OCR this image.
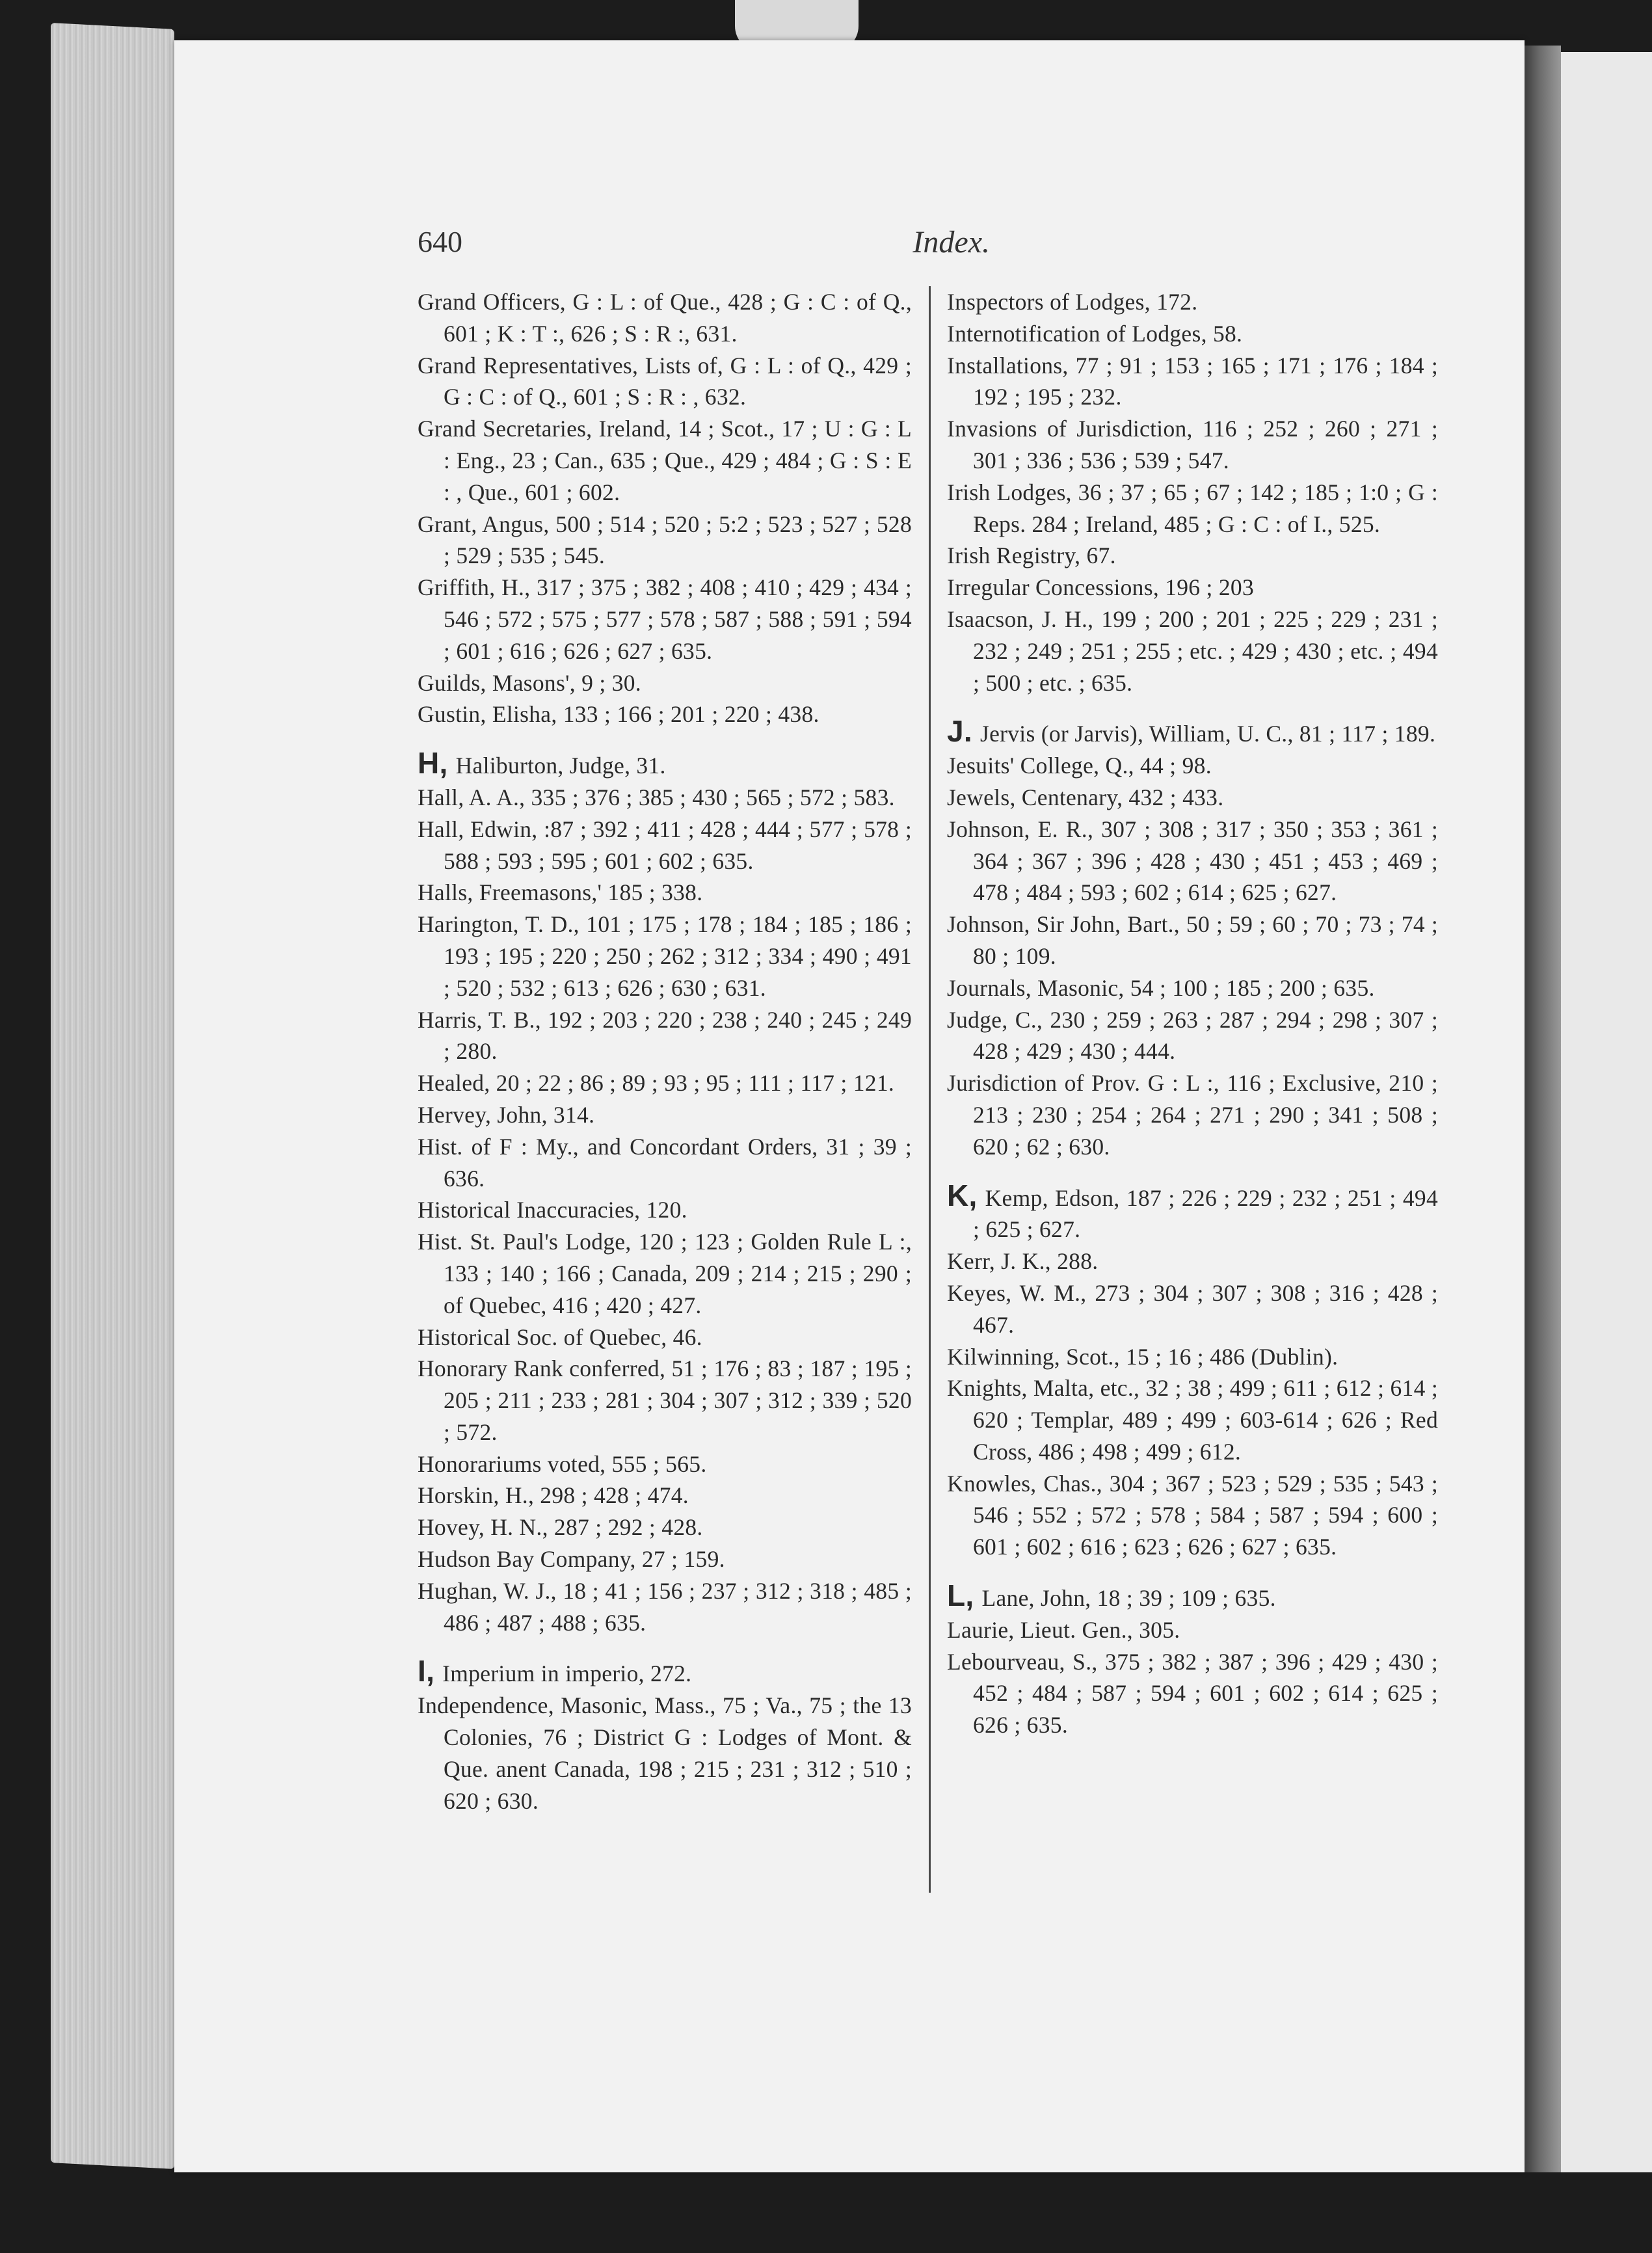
640	Index.
Grand Officers, G : L : of Que., 428 ; G : C : of Q., 601 ; K : T :, 626 ; S : R :, 631.
Grand Representatives, Lists of, G : L : of Q., 429 ; G : C : of Q., 601 ; S : R : , 632.
Grand Secretaries, Ireland, 14 ; Scot., 17 ; U : G : L : Eng., 23 ; Can., 635 ; Que., 429 ; 484 ; G : S : E : , Que., 601 ; 602.
Grant, Angus, 500 ; 514 ; 520 ; 5:2 ; 523 ; 527 ; 528 ; 529 ; 535 ; 545.
Griffith, H., 317 ; 375 ; 382 ; 408 ; 410 ; 429 ; 434 ; 546 ; 572 ; 575 ; 577 ; 578 ; 587 ; 588 ; 591 ; 594 ; 601 ; 616 ; 626 ; 627 ; 635.
Guilds, Masons', 9 ; 30.
Gustin, Elisha, 133 ; 166 ; 201 ; 220 ; 438.
H, Haliburton, Judge, 31.
Hall, A. A., 335 ; 376 ; 385 ; 430 ; 565 ; 572 ; 583.
Hall, Edwin, :87 ; 392 ; 411 ; 428 ; 444 ; 577 ; 578 ; 588 ; 593 ; 595 ; 601 ; 602 ; 635.
Halls, Freemasons,' 185 ; 338.
Harington, T. D., 101 ; 175 ; 178 ; 184 ; 185 ; 186 ; 193 ; 195 ; 220 ; 250 ; 262 ; 312 ; 334 ; 490 ; 491 ; 520 ; 532 ; 613 ; 626 ; 630 ; 631.
Harris, T. B., 192 ; 203 ; 220 ; 238 ; 240 ; 245 ; 249 ; 280.
Healed, 20 ; 22 ; 86 ; 89 ; 93 ; 95 ; 111 ; 117 ; 121.
Hervey, John, 314.
Hist. of F : My., and Concordant Orders, 31 ; 39 ; 636.
Historical Inaccuracies, 120.
Hist. St. Paul's Lodge, 120 ; 123 ; Golden Rule L :, 133 ; 140 ; 166 ; Canada, 209 ; 214 ; 215 ; 290 ; of Quebec, 416 ; 420 ; 427.
Historical Soc. of Quebec, 46.
Honorary Rank conferred, 51 ; 176 ; 83 ; 187 ; 195 ; 205 ; 211 ; 233 ; 281 ; 304 ; 307 ; 312 ; 339 ; 520 ; 572.
Honorariums voted, 555 ; 565.
Horskin, H., 298 ; 428 ; 474.
Hovey, H. N., 287 ; 292 ; 428.
Hudson Bay Company, 27 ; 159.
Hughan, W. J., 18 ; 41 ; 156 ; 237 ; 312 ; 318 ; 485 ; 486 ; 487 ; 488 ; 635.
I, Imperium in imperio, 272.
Independence, Masonic, Mass., 75 ; Va., 75 ; the 13 Colonies, 76 ; District G : Lodges of Mont. & Que. anent Canada, 198 ; 215 ; 231 ; 312 ; 510 ; 620 ; 630.
Inspectors of Lodges, 172.
Internotification of Lodges, 58.
Installations, 77 ; 91 ; 153 ; 165 ; 171 ; 176 ; 184 ; 192 ; 195 ; 232.
Invasions of Jurisdiction, 116 ; 252 ; 260 ; 271 ; 301 ; 336 ; 536 ; 539 ; 547.
Irish Lodges, 36 ; 37 ; 65 ; 67 ; 142 ; 185 ; 1:0 ; G : Reps. 284 ; Ireland, 485 ; G : C : of I., 525.
Irish Registry, 67.
Irregular Concessions, 196 ; 203
Isaacson, J. H., 199 ; 200 ; 201 ; 225 ; 229 ; 231 ; 232 ; 249 ; 251 ; 255 ; etc. ; 429 ; 430 ; etc. ; 494 ; 500 ; etc. ; 635.
J. Jervis (or Jarvis), William, U. C., 81 ; 117 ; 189.
Jesuits' College, Q., 44 ; 98.
Jewels, Centenary, 432 ; 433.
Johnson, E. R., 307 ; 308 ; 317 ; 350 ; 353 ; 361 ; 364 ; 367 ; 396 ; 428 ; 430 ; 451 ; 453 ; 469 ; 478 ; 484 ; 593 ; 602 ; 614 ; 625 ; 627.
Johnson, Sir John, Bart., 50 ; 59 ; 60 ; 70 ; 73 ; 74 ; 80 ; 109.
Journals, Masonic, 54 ; 100 ; 185 ; 200 ; 635.
Judge, C., 230 ; 259 ; 263 ; 287 ; 294 ; 298 ; 307 ; 428 ; 429 ; 430 ; 444.
Jurisdiction of Prov. G : L :, 116 ; Exclusive, 210 ; 213 ; 230 ; 254 ; 264 ; 271 ; 290 ; 341 ; 508 ; 620 ; 62 ; 630.
K, Kemp, Edson, 187 ; 226 ; 229 ; 232 ; 251 ; 494 ; 625 ; 627.
Kerr, J. K., 288.
Keyes, W. M., 273 ; 304 ; 307 ; 308 ; 316 ; 428 ; 467.
Kilwinning, Scot., 15 ; 16 ; 486 (Dublin).
Knights, Malta, etc., 32 ; 38 ; 499 ; 611 ; 612 ; 614 ; 620 ; Templar, 489 ; 499 ; 603-614 ; 626 ; Red Cross, 486 ; 498 ; 499 ; 612.
Knowles, Chas., 304 ; 367 ; 523 ; 529 ; 535 ; 543 ; 546 ; 552 ; 572 ; 578 ; 584 ; 587 ; 594 ; 600 ; 601 ; 602 ; 616 ; 623 ; 626 ; 627 ; 635.
L, Lane, John, 18 ; 39 ; 109 ; 635.
Laurie, Lieut. Gen., 305.
Lebourveau, S., 375 ; 382 ; 387 ; 396 ; 429 ; 430 ; 452 ; 484 ; 587 ; 594 ; 601 ; 602 ; 614 ; 625 ; 626 ; 635.
